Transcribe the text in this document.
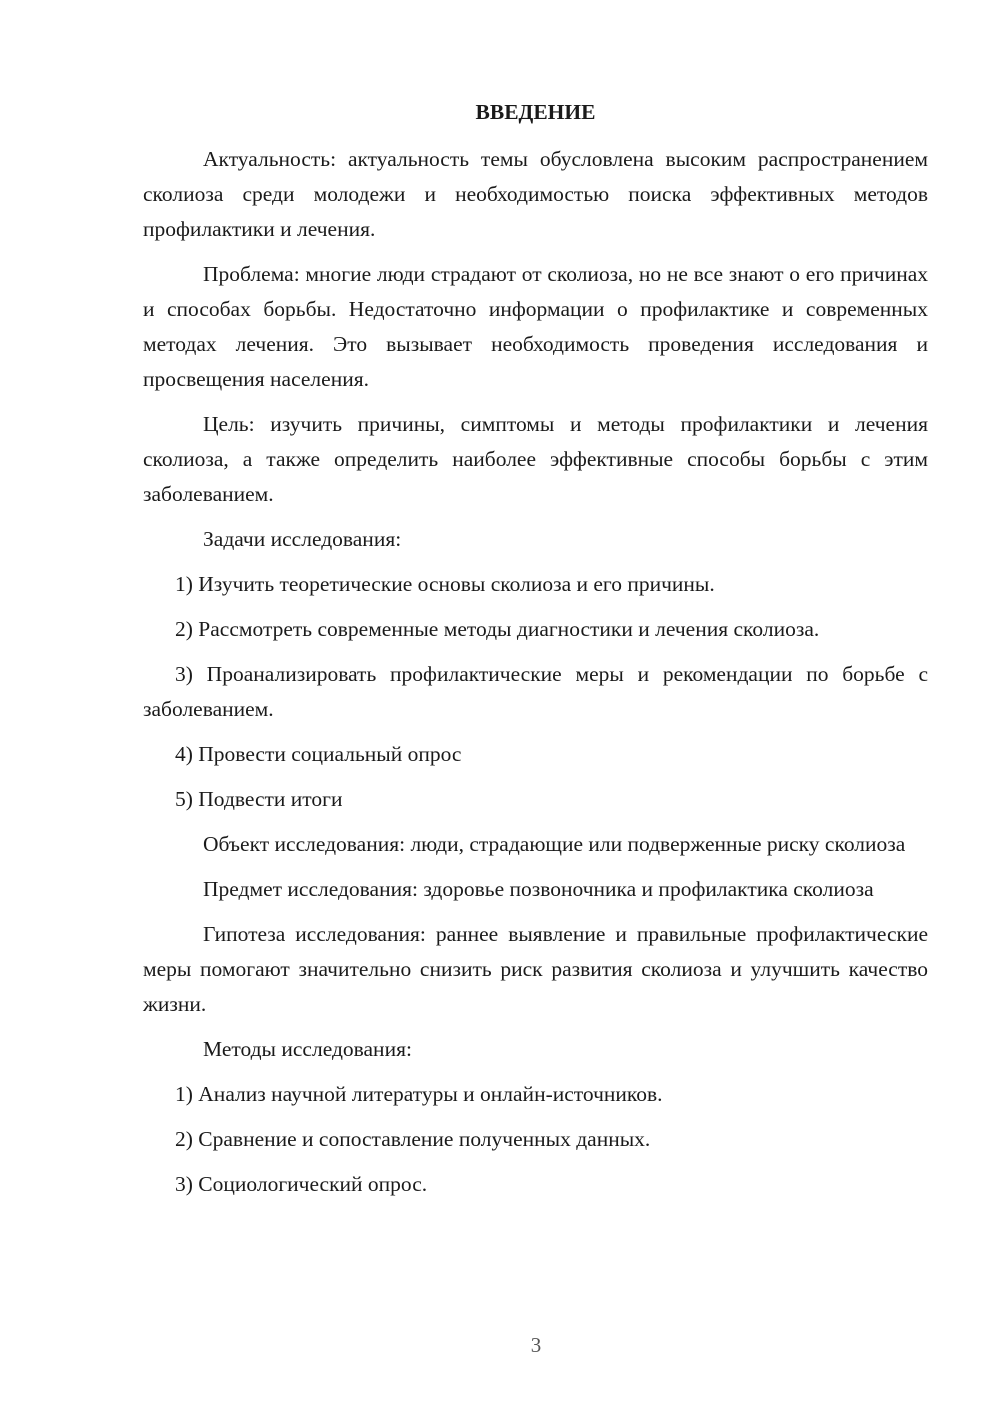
ВВЕДЕНИЕ

Актуальность: актуальность темы обусловлена высоким распространением сколиоза среди молодежи и необходимостью поиска эффективных методов профилактики и лечения.

Проблема: многие люди страдают от сколиоза, но не все знают о его причинах и способах борьбы. Недостаточно информации о профилактике и современных методах лечения. Это вызывает необходимость проведения исследования и просвещения населения.

Цель: изучить причины, симптомы и методы профилактики и лечения сколиоза, а также определить наиболее эффективные способы борьбы с этим заболеванием.

Задачи исследования:

1) Изучить теоретические основы сколиоза и его причины.

2) Рассмотреть современные методы диагностики и лечения сколиоза.

3) Проанализировать профилактические меры и рекомендации по борьбе с заболеванием.

4) Провести социальный опрос

5) Подвести итоги

Объект исследования: люди, страдающие или подверженные риску сколиоза

Предмет исследования: здоровье позвоночника и профилактика сколиоза

Гипотеза исследования: раннее выявление и правильные профилактические меры помогают значительно снизить риск развития сколиоза и улучшить качество жизни.

Методы исследования:

1) Анализ научной литературы и онлайн-источников.

2) Сравнение и сопоставление полученных данных.

3) Социологический опрос.

3
